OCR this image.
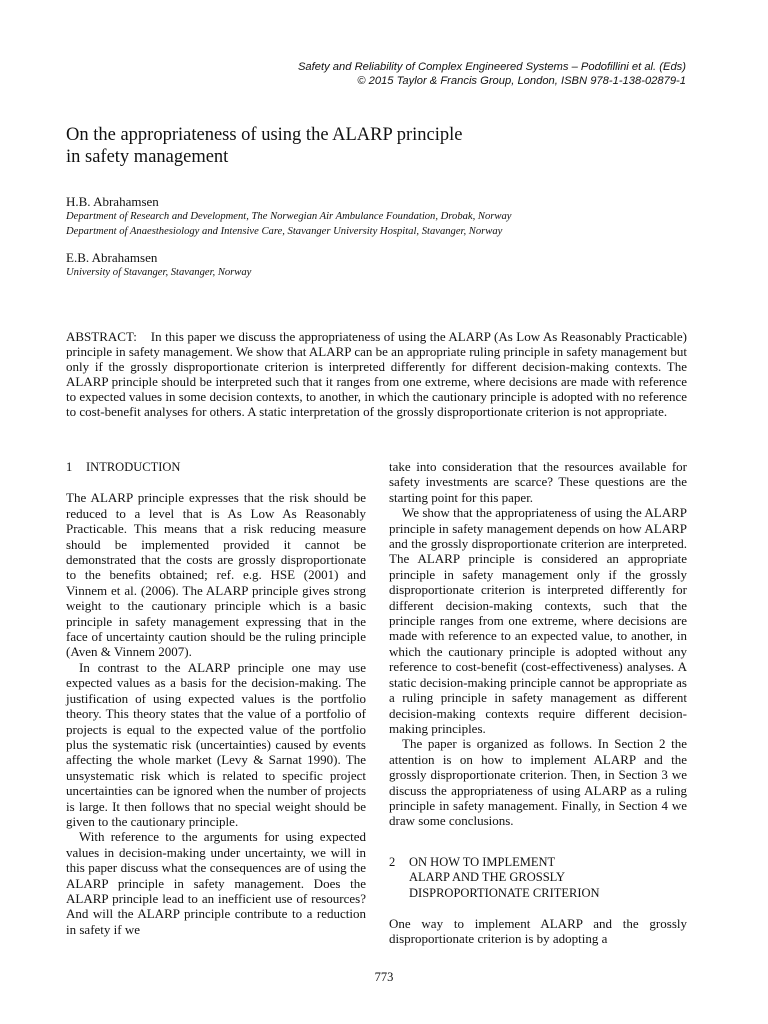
Safety and Reliability of Complex Engineered Systems – Podofillini et al. (Eds)
© 2015 Taylor & Francis Group, London, ISBN 978-1-138-02879-1
On the appropriateness of using the ALARP principle
in safety management
H.B. Abrahamsen
Department of Research and Development, The Norwegian Air Ambulance Foundation, Drobak, Norway
Department of Anaesthesiology and Intensive Care, Stavanger University Hospital, Stavanger, Norway
E.B. Abrahamsen
University of Stavanger, Stavanger, Norway

ABSTRACT: In this paper we discuss the appropriateness of using the ALARP (As Low As Reasonably Practicable) principle in safety management. We show that ALARP can be an appropriate ruling principle in safety management but only if the grossly disproportionate criterion is interpreted differently for different decision-making contexts. The ALARP principle should be interpreted such that it ranges from one extreme, where decisions are made with reference to expected values in some decision contexts, to another, in which the cautionary principle is adopted with no reference to cost-benefit analyses for others. A static interpretation of the grossly disproportionate criterion is not appropriate.

1 INTRODUCTION

The ALARP principle expresses that the risk should be reduced to a level that is As Low As Reasonably Practicable. This means that a risk reducing measure should be implemented provided it cannot be demonstrated that the costs are grossly disproportionate to the benefits obtained; ref. e.g. HSE (2001) and Vinnem et al. (2006). The ALARP principle gives strong weight to the cautionary principle which is a basic principle in safety management expressing that in the face of uncertainty caution should be the ruling principle (Aven & Vinnem 2007).

In contrast to the ALARP principle one may use expected values as a basis for the decision-making. The justification of using expected values is the portfolio theory. This theory states that the value of a portfolio of projects is equal to the expected value of the portfolio plus the systematic risk (uncertainties) caused by events affecting the whole market (Levy & Sarnat 1990). The unsystematic risk which is related to specific project uncertainties can be ignored when the number of projects is large. It then follows that no special weight should be given to the cautionary principle.

With reference to the arguments for using expected values in decision-making under uncertainty, we will in this paper discuss what the consequences are of using the ALARP principle in safety management. Does the ALARP principle lead to an inefficient use of resources? And will the ALARP principle contribute to a reduction in safety if we

take into consideration that the resources available for safety investments are scarce? These questions are the starting point for this paper.

We show that the appropriateness of using the ALARP principle in safety management depends on how ALARP and the grossly disproportionate criterion are interpreted. The ALARP principle is considered an appropriate principle in safety management only if the grossly disproportionate criterion is interpreted differently for different decision-making contexts, such that the principle ranges from one extreme, where decisions are made with reference to an expected value, to another, in which the cautionary principle is adopted without any reference to cost-benefit (cost-effectiveness) analyses. A static decision-making principle cannot be appropriate as a ruling principle in safety management as different decision-making contexts require different decision-making principles.

The paper is organized as follows. In Section 2 the attention is on how to implement ALARP and the grossly disproportionate criterion. Then, in Section 3 we discuss the appropriateness of using ALARP as a ruling principle in safety management. Finally, in Section 4 we draw some conclusions.

2 ON HOW TO IMPLEMENT
ALARP AND THE GROSSLY
DISPROPORTIONATE CRITERION

One way to implement ALARP and the grossly disproportionate criterion is by adopting a

773
